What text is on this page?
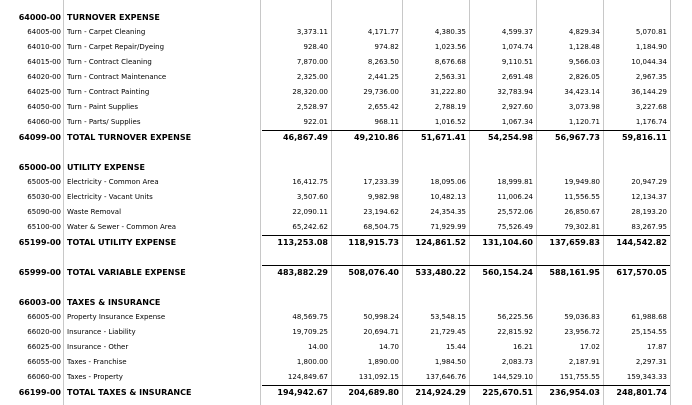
64000-00 TURNOVER EXPENSE
64005-00 Turn - Carpet Cleaning	3,373.11	4,171.77	4,380.35	4,599.37	4,829.34	5,070.81
64010-00 Turn - Carpet Repair/Dyeing	928.40	974.82	1,023.56	1,074.74	1,128.48	1,184.90
64015-00 Turn - Contract Cleaning	7,870.00	8,263.50	8,676.68	9,110.51	9,566.03	10,044.34
64020-00 Turn - Contract Maintenance	2,325.00	2,441.25	2,563.31	2,691.48	2,826.05	2,967.35
64025-00 Turn - Contract Painting	28,320.00	29,736.00	31,222.80	32,783.94	34,423.14	36,144.29
64050-00 Turn - Paint Supplies	2,528.97	2,655.42	2,788.19	2,927.60	3,073.98	3,227.68
64060-00 Turn - Parts/ Supplies	922.01	968.11	1,016.52	1,067.34	1,120.71	1,176.74
64099-00 TOTAL TURNOVER EXPENSE	46,867.49	49,210.86	51,671.41	54,254.98	56,967.73	59,816.11
65000-00 UTILITY EXPENSE
65005-00 Electricity - Common Area	16,412.75	17,233.39	18,095.06	18,999.81	19,949.80	20,947.29
65030-00 Electricity - Vacant Units	3,507.60	9,982.98	10,482.13	11,006.24	11,556.55	12,134.37
65090-00 Waste Removal	22,090.11	23,194.62	24,354.35	25,572.06	26,850.67	28,193.20
65100-00 Water & Sewer - Common Area	65,242.62	68,504.75	71,929.99	75,526.49	79,302.81	83,267.95
65199-00 TOTAL UTILITY EXPENSE	113,253.08	118,915.73	124,861.52	131,104.60	137,659.83	144,542.82
65999-00 TOTAL VARIABLE EXPENSE	483,882.29	508,076.40	533,480.22	560,154.24	588,161.95	617,570.05
66003-00 TAXES & INSURANCE
66005-00 Property Insurance Expense	48,569.75	50,998.24	53,548.15	56,225.56	59,036.83	61,988.68
66020-00 Insurance - Liability	19,709.25	20,694.71	21,729.45	22,815.92	23,956.72	25,154.55
66025-00 Insurance - Other	14.00	14.70	15.44	16.21	17.02	17.87
66055-00 Taxes - Franchise	1,800.00	1,890.00	1,984.50	2,083.73	2,187.91	2,297.31
66060-00 Taxes - Property	124,849.67	131,092.15	137,646.76	144,529.10	151,755.55	159,343.33
66199-00 TOTAL TAXES & INSURANCE	194,942.67	204,689.80	214,924.29	225,670.51	236,954.03	248,801.74
